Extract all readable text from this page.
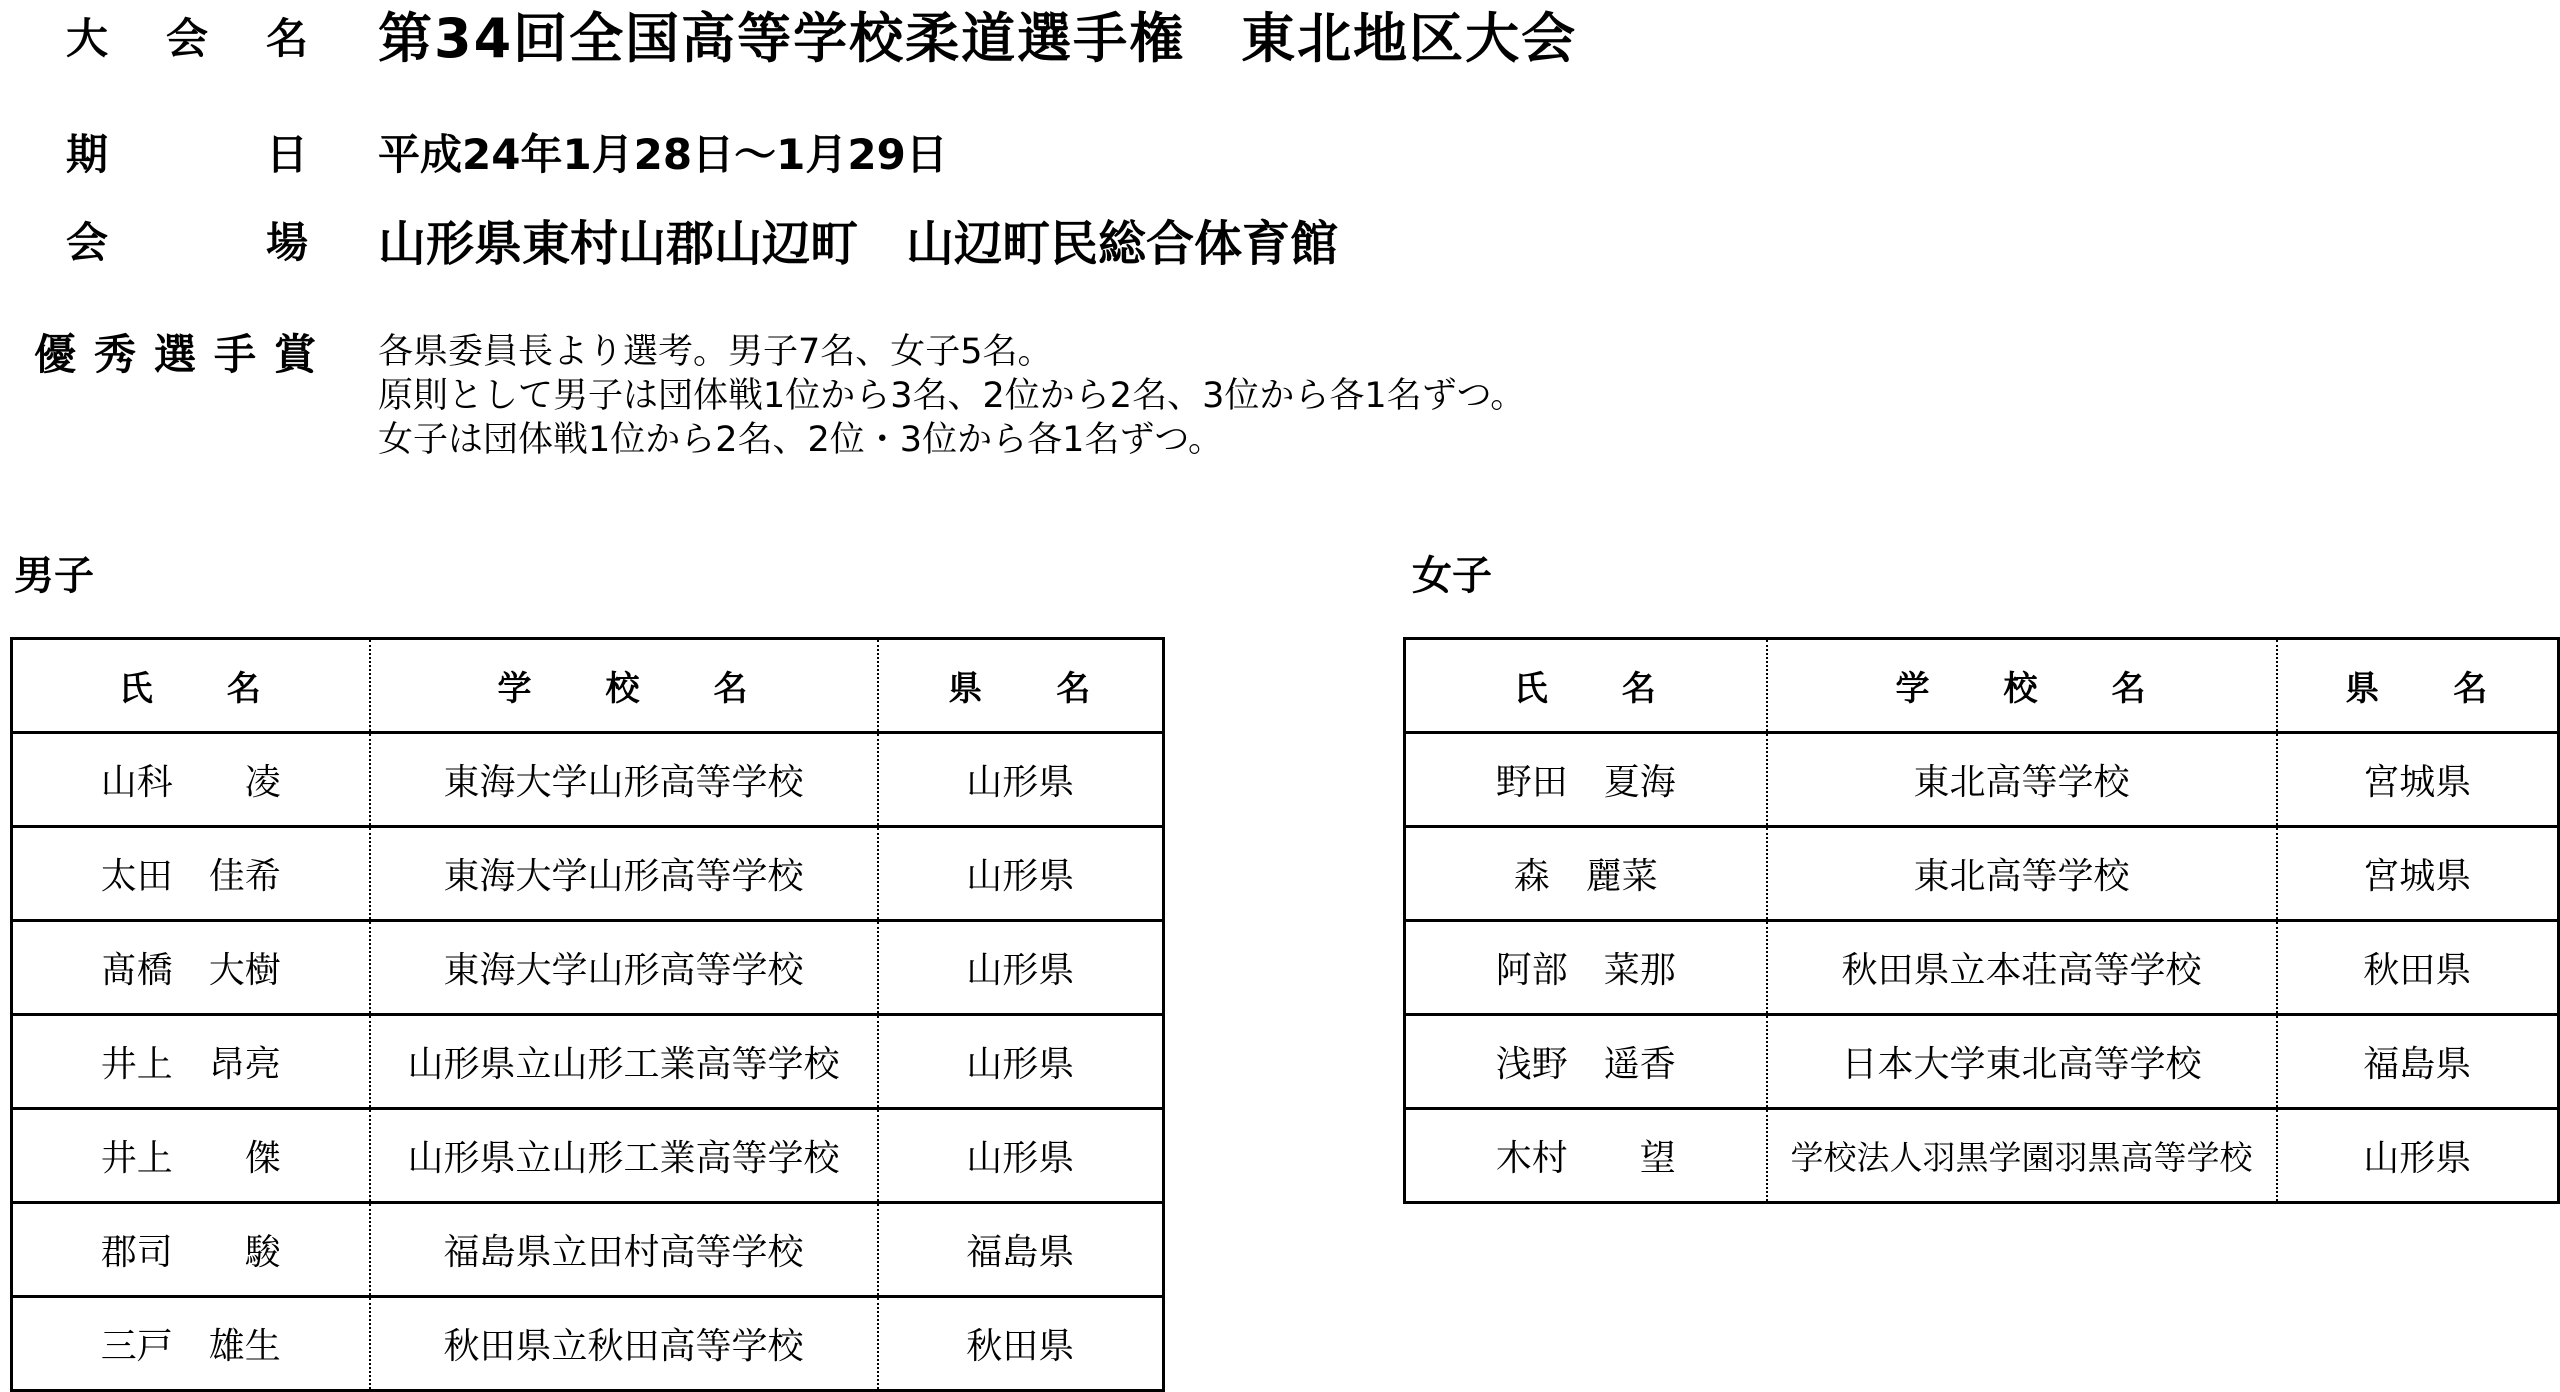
大　会　名 第34回全国高等学校柔道選手権　東北地区大会
期　　　日 平成24年1月28日～1月29日
会　　　場 山形県東村山郡山辺町　山辺町民総合体育館
優秀選手賞 各県委員長より選考。男子7名、女子5名。
原則として男子は団体戦1位から3名、2位から2名、3位から各1名ずつ。
女子は団体戦1位から2名、2位・3位から各1名ずつ。
男子	女子
氏　　名	学　　校　　名	県　　名
山科　　凌	東海大学山形高等学校	山形県
太田　佳希	東海大学山形高等学校	山形県
髙橋　大樹	東海大学山形高等学校	山形県
井上　昂亮	山形県立山形工業高等学校	山形県
井上　　傑	山形県立山形工業高等学校	山形県
郡司　　駿	福島県立田村高等学校	福島県
三戸　雄生	秋田県立秋田高等学校	秋田県
氏　　名	学　　校　　名	県　　名
野田　夏海	東北高等学校	宮城県
森　麗菜	東北高等学校	宮城県
阿部　菜那	秋田県立本荘高等学校	秋田県
浅野　遥香	日本大学東北高等学校	福島県
木村　　望	学校法人羽黒学園羽黒高等学校	山形県
